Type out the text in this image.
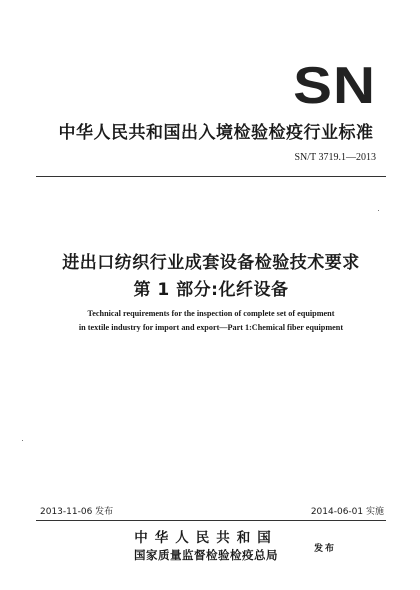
SN
中华人民共和国出入境检验检疫行业标准
SN/T 3719.1—2013
进出口纺织行业成套设备检验技术要求
第 1 部分:化纤设备
Technical requirements for the inspection of complete set of equipment
in textile industry for import and export—Part 1:Chemical fiber equipment
2013-11-06 发布	2014-06-01 实施
中华人民共和国
国家质量监督检验检疫总局	发布
